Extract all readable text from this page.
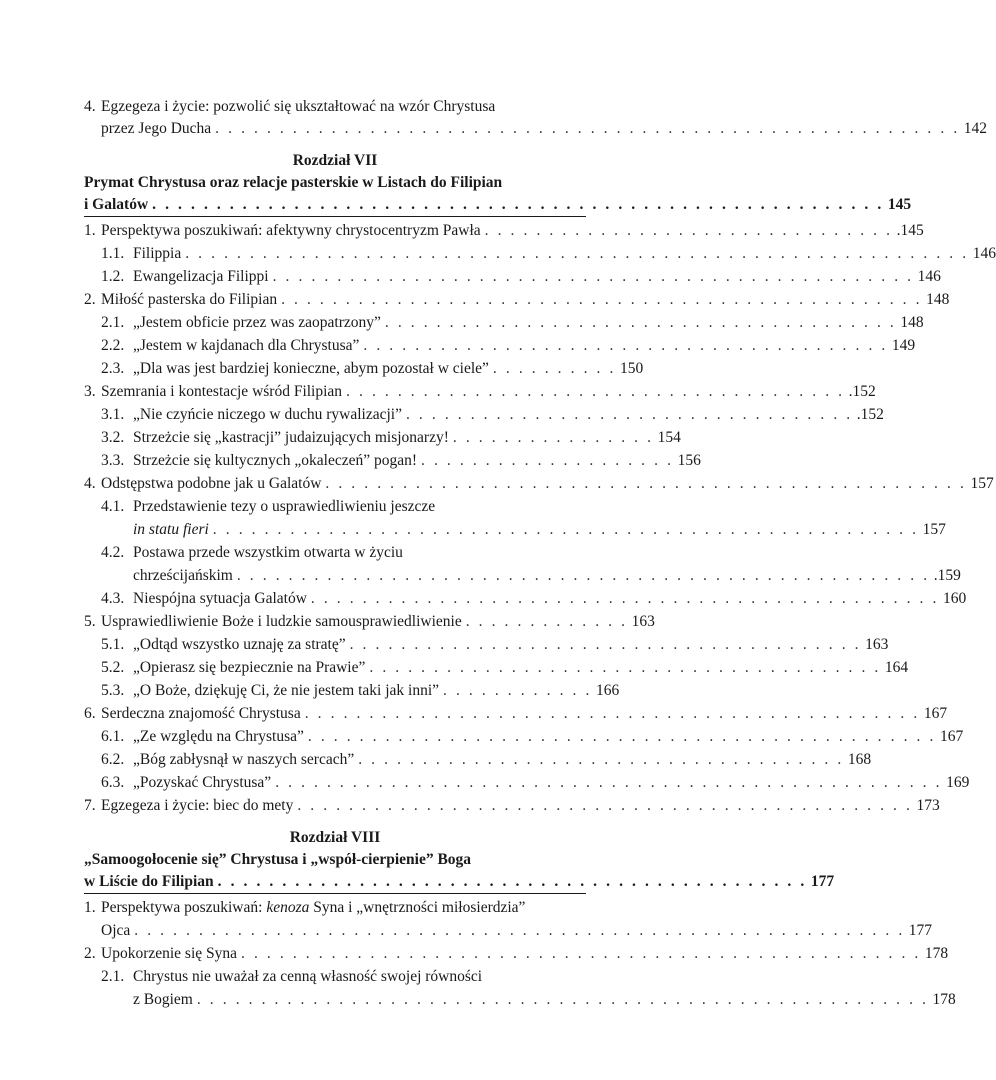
4. Egzegeza i życie: pozwolić się ukształtować na wzór Chrystusa
przez Jego Ducha . . . . . . . . . . . . . . . . . . . . . . . . . . . . . . . . . . . . . . . . . . . . . . . . . . . . . . . . . . 142
Rozdział VII
Prymat Chrystusa oraz relacje pasterskie w Listach do Filipian
i Galatów . . . . . . . . . . . . . . . . . . . . . . . . . . . . . . . . . . . . . . . . . . . . . . . . . . . . . . . . . 145
1. Perspektywa poszukiwań: afektywny chrystocentryzm Pawła . . . . . . . . . . . . . . . . . . . . . . . . . . . . . . . . .145
1.1. Filippia . . . . . . . . . . . . . . . . . . . . . . . . . . . . . . . . . . . . . . . . . . . . . . . . . . . . . . . . . . . . . 146
1.2. Ewangelizacja Filippi . . . . . . . . . . . . . . . . . . . . . . . . . . . . . . . . . . . . . . . . . . . . . . . . . . 146
2. Miłość pasterska do Filipian . . . . . . . . . . . . . . . . . . . . . . . . . . . . . . . . . . . . . . . . . . . . . . . . . . 148
2.1. „Jestem obficie przez was zaopatrzony” . . . . . . . . . . . . . . . . . . . . . . . . . . . . . . . . . . . . . . . . 148
2.2. „Jestem w kajdanach dla Chrystusa” . . . . . . . . . . . . . . . . . . . . . . . . . . . . . . . . . . . . . . . . . 149
2.3. „Dla was jest bardziej konieczne, abym pozostał w ciele” . . . . . . . . . . 150
3. Szemrania i kontestacje wśród Filipian . . . . . . . . . . . . . . . . . . . . . . . . . . . . . . . . . . . . . . . .152
3.1. „Nie czyńcie niczego w duchu rywalizacji” . . . . . . . . . . . . . . . . . . . . . . . . . . . . . . . . . . . .152
3.2. Strzeżcie się „kastracji” judaizujących misjonarzy! . . . . . . . . . . . . . . . . 154
3.3. Strzeżcie się kultycznych „okaleczeń” pogan! . . . . . . . . . . . . . . . . . . . . 156
4. Odstępstwa podobne jak u Galatów . . . . . . . . . . . . . . . . . . . . . . . . . . . . . . . . . . . . . . . . . . . . . . . . . . 157
4.1. Przedstawienie tezy o usprawiedliwieniu jeszcze
in statu fieri . . . . . . . . . . . . . . . . . . . . . . . . . . . . . . . . . . . . . . . . . . . . . . . . . . . . . . . 157
4.2. Postawa przede wszystkim otwarta w życiu
chrześcijańskim . . . . . . . . . . . . . . . . . . . . . . . . . . . . . . . . . . . . . . . . . . . . . . . . . . . . . . .159
4.3. Niespójna sytuacja Galatów . . . . . . . . . . . . . . . . . . . . . . . . . . . . . . . . . . . . . . . . . . . . . . . . . 160
5. Usprawiedliwienie Boże i ludzkie samousprawiedliwienie . . . . . . . . . . . . . 163
5.1. „Odtąd wszystko uznaję za stratę” . . . . . . . . . . . . . . . . . . . . . . . . . . . . . . . . . . . . . . . . 163
5.2. „Opierasz się bezpiecznie na Prawie” . . . . . . . . . . . . . . . . . . . . . . . . . . . . . . . . . . . . . . . . 164
5.3. „O Boże, dziękuję Ci, że nie jestem taki jak inni” . . . . . . . . . . . . 166
6. Serdeczna znajomość Chrystusa . . . . . . . . . . . . . . . . . . . . . . . . . . . . . . . . . . . . . . . . . . . . . . . . 167
6.1. „Ze względu na Chrystusa” . . . . . . . . . . . . . . . . . . . . . . . . . . . . . . . . . . . . . . . . . . . . . . . . . 167
6.2. „Bóg zabłysnął w naszych sercach” . . . . . . . . . . . . . . . . . . . . . . . . . . . . . . . . . . . . . . 168
6.3. „Pozyskać Chrystusa” . . . . . . . . . . . . . . . . . . . . . . . . . . . . . . . . . . . . . . . . . . . . . . . . . . . . 169
7. Egzegeza i życie: biec do mety . . . . . . . . . . . . . . . . . . . . . . . . . . . . . . . . . . . . . . . . . . . . . . . . 173
Rozdział VIII
„Samoogołocenie się” Chrystusa i „współ-cierpienie” Boga
w Liście do Filipian . . . . . . . . . . . . . . . . . . . . . . . . . . . . . . . . . . . . . . . . . . . . . . 177
1. Perspektywa poszukiwań: kenoza Syna i „wnętrzności miłosierdzia”
Ojca . . . . . . . . . . . . . . . . . . . . . . . . . . . . . . . . . . . . . . . . . . . . . . . . . . . . . . . . . . . . 177
2. Upokorzenie się Syna . . . . . . . . . . . . . . . . . . . . . . . . . . . . . . . . . . . . . . . . . . . . . . . . . . . . . 178
2.1. Chrystus nie uważał za cenną własność swojej równości
z Bogiem . . . . . . . . . . . . . . . . . . . . . . . . . . . . . . . . . . . . . . . . . . . . . . . . . . . . . . . . . 178
